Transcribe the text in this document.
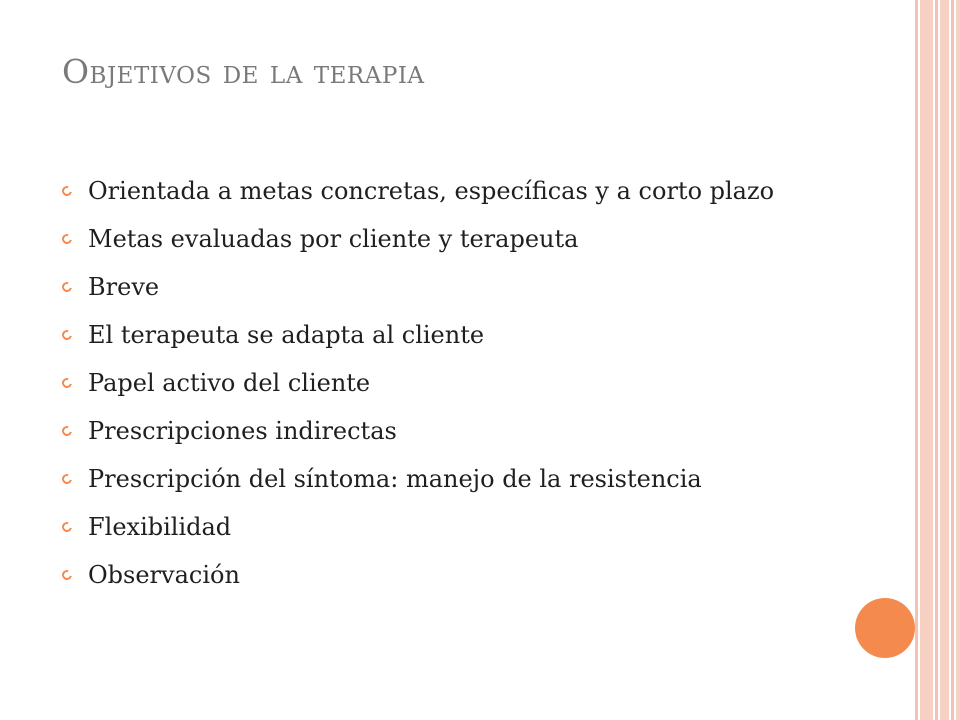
Objetivos de la terapia
Orientada a metas concretas, específicas y a corto plazo
Metas evaluadas por cliente y terapeuta
Breve
El terapeuta se adapta al cliente
Papel activo del cliente
Prescripciones indirectas
Prescripción del síntoma: manejo de la resistencia
Flexibilidad
Observación
